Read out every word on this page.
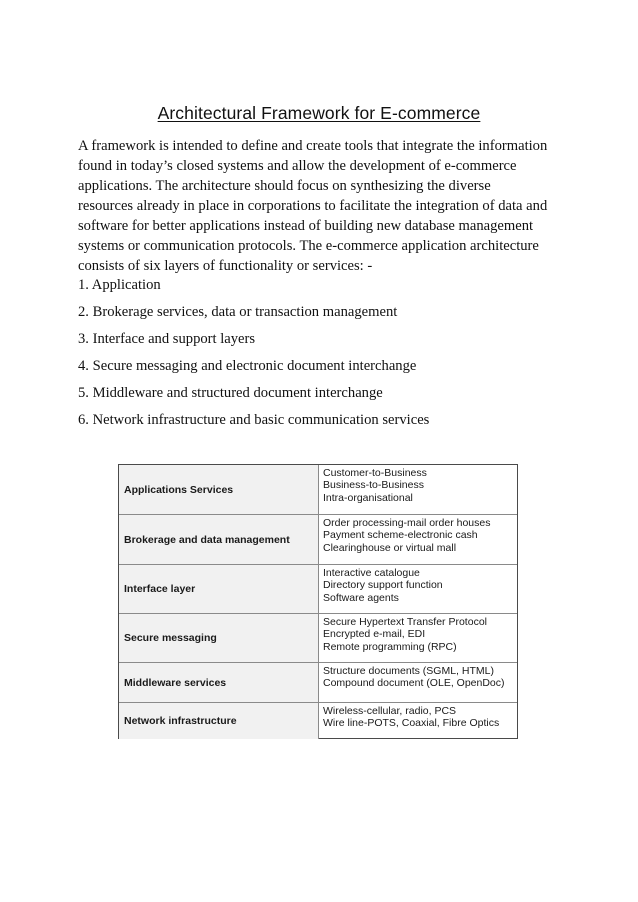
Architectural Framework for E-commerce

A framework is intended to define and create tools that integrate the information
found in today’s closed systems and allow the development of e-commerce
applications. The architecture should focus on synthesizing the diverse
resources already in place in corporations to facilitate the integration of data and
software for better applications instead of building new database management
systems or communication protocols. The e-commerce application architecture
consists of six layers of functionality or services: -

1. Application
2. Brokerage services, data or transaction management
3. Interface and support layers
4. Secure messaging and electronic document interchange
5. Middleware and structured document interchange
6. Network infrastructure and basic communication services
Applications Services
Customer-to-Business
Business-to-Business
Intra-organisational
Brokerage and data management
Order processing-mail order houses
Payment scheme-electronic cash
Clearinghouse or virtual mall
Interface layer
Interactive catalogue
Directory support function
Software agents
Secure messaging
Secure Hypertext Transfer Protocol
Encrypted e-mail, EDI
Remote programming (RPC)
Middleware services
Structure documents (SGML, HTML)
Compound document (OLE, OpenDoc)
Network infrastructure
Wireless-cellular, radio, PCS
Wire line-POTS, Coaxial, Fibre Optics
